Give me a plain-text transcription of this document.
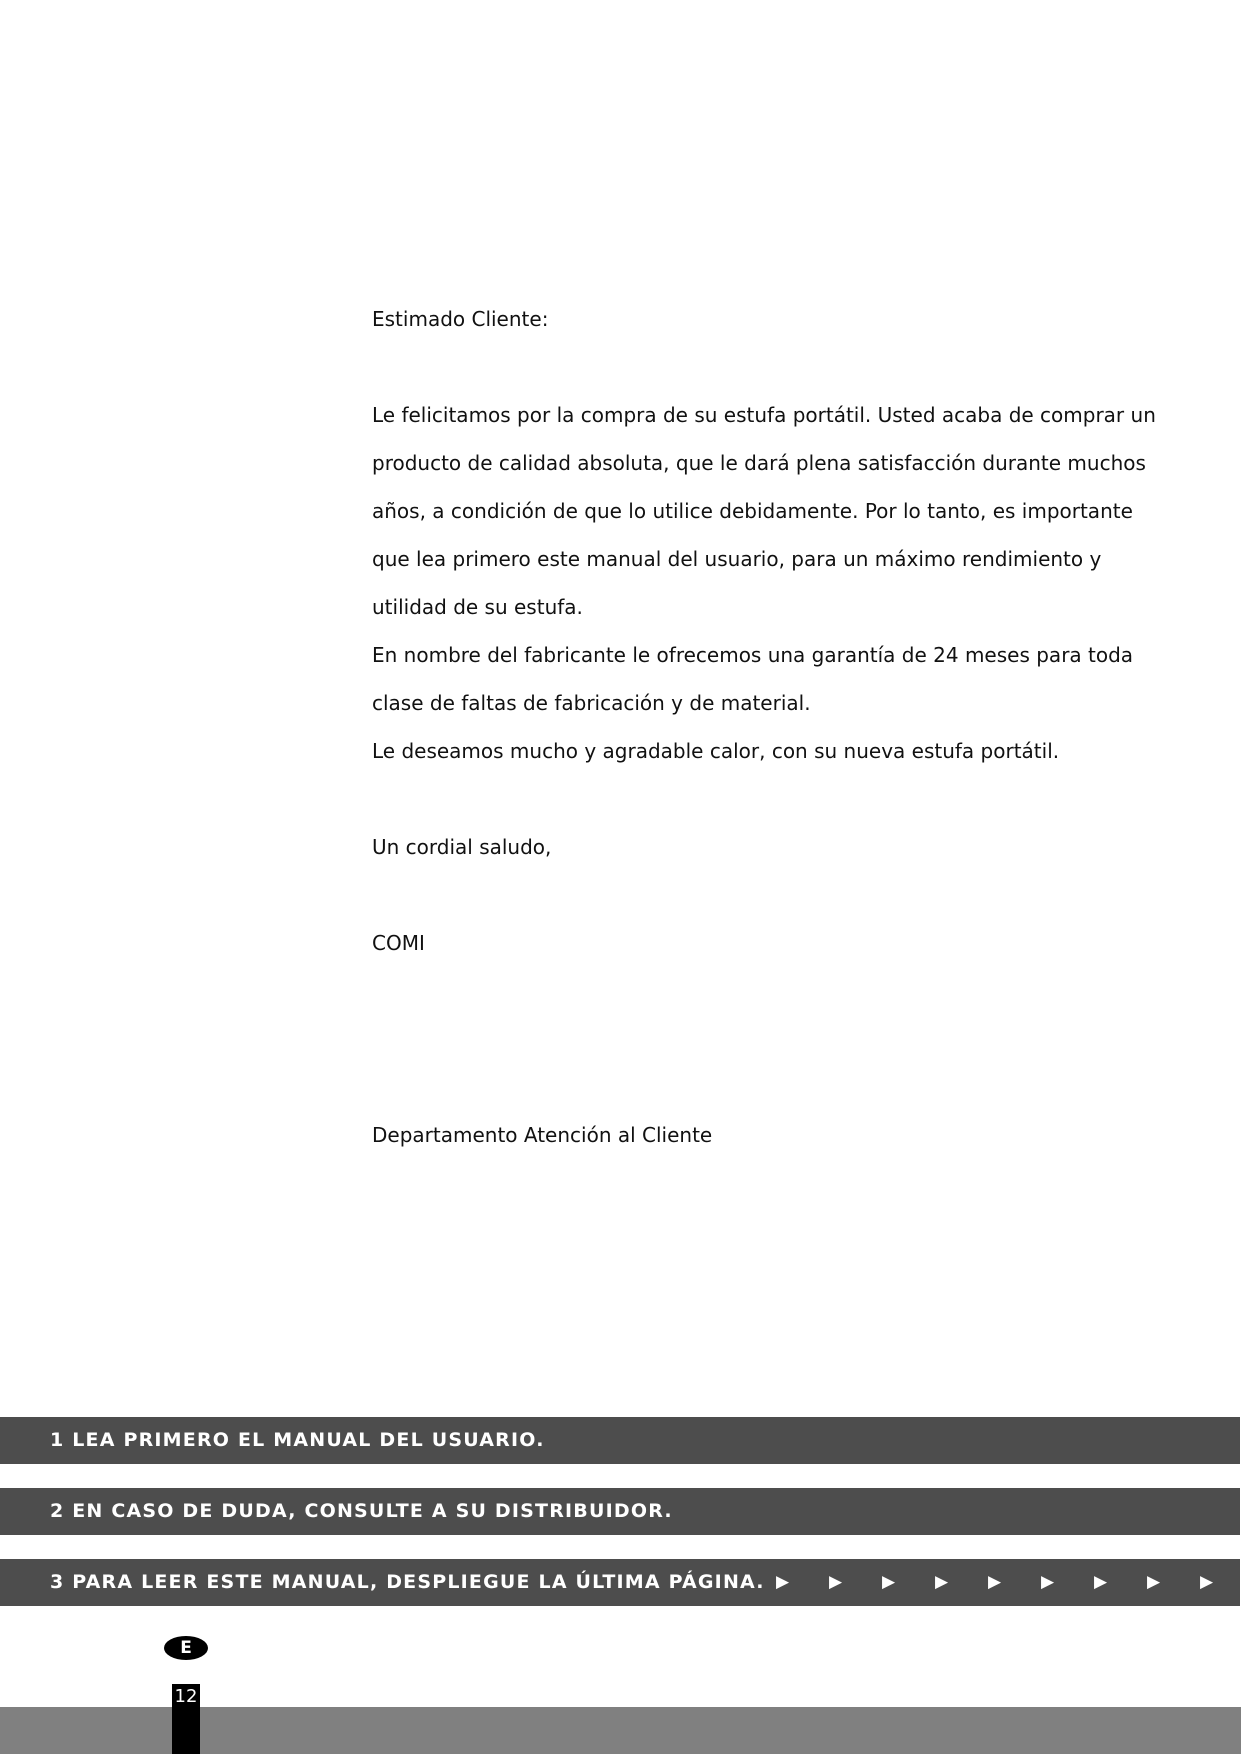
Estimado Cliente:
Le felicitamos por la compra de su estufa portátil. Usted acaba de comprar un
producto de calidad absoluta, que le dará plena satisfacción durante muchos
años, a condición de que lo utilice debidamente. Por lo tanto, es importante
que lea primero este manual del usuario, para un máximo rendimiento y
utilidad de su estufa.
En nombre del fabricante le ofrecemos una garantía de 24 meses para toda
clase de faltas de fabricación y de material.
Le deseamos mucho y agradable calor, con su nueva estufa portátil.
Un cordial saludo,
COMI
Departamento Atención al Cliente
1 LEA PRIMERO EL MANUAL DEL USUARIO.
2 EN CASO DE DUDA, CONSULTE A SU DISTRIBUIDOR.
3 PARA LEER ESTE MANUAL, DESPLIEGUE LA ÚLTIMA PÁGINA. ▶ ▶ ▶ ▶ ▶ ▶ ▶ ▶ ▶
E
12
